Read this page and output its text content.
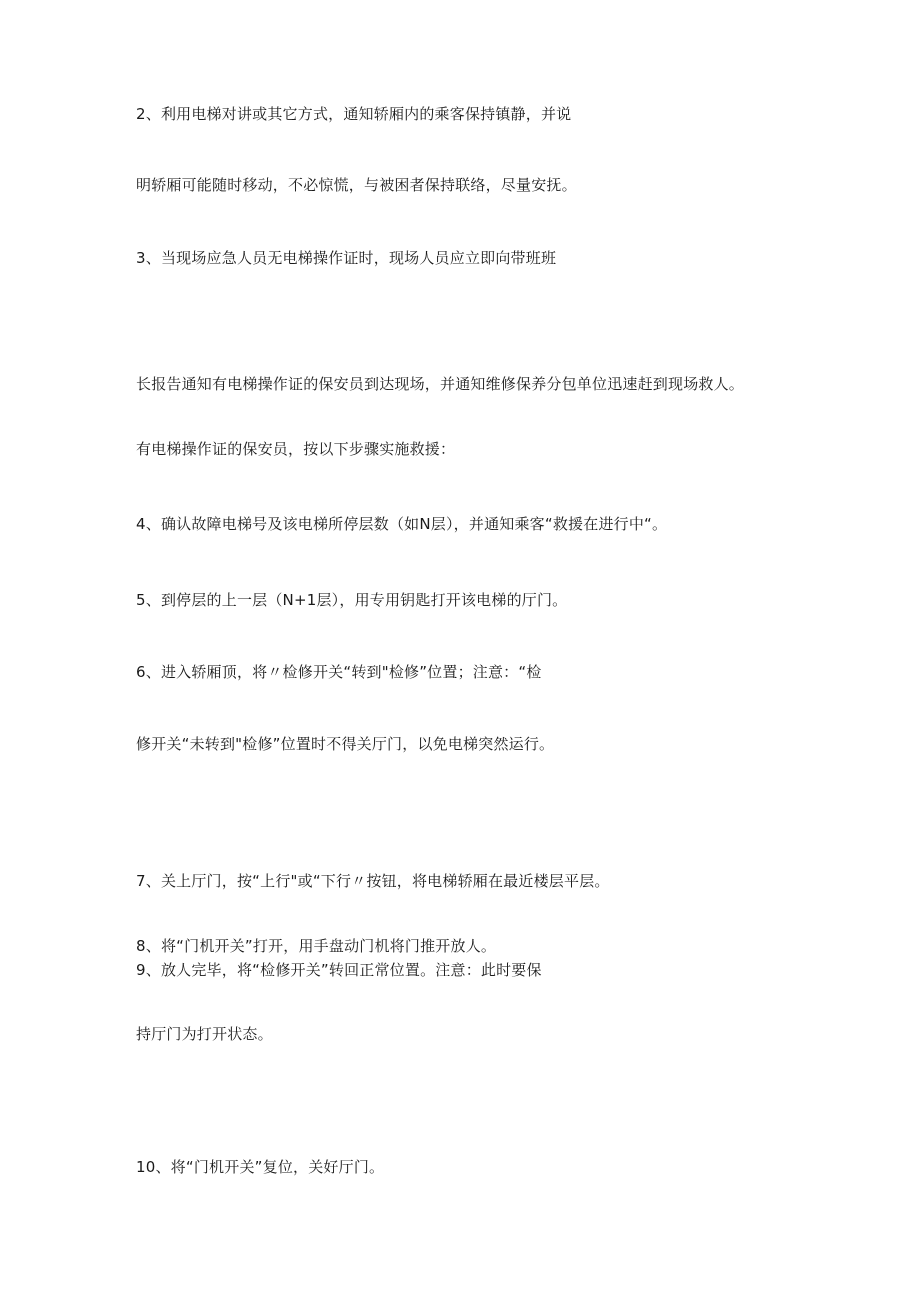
2、利用电梯对讲或其它方式，通知轿厢内的乘客保持镇静，并说
明轿厢可能随时移动，不必惊慌，与被困者保持联络，尽量安抚。
3、当现场应急人员无电梯操作证时，现场人员应立即向带班班
长报告通知有电梯操作证的保安员到达现场，并通知维修保养分包单位迅速赶到现场救人。
有电梯操作证的保安员，按以下步骤实施救援：
4、确认故障电梯号及该电梯所停层数（如N层），并通知乘客“救援在进行中“。
5、到停层的上一层（N+1层），用专用钥匙打开该电梯的厅门。
6、进入轿厢顶，将〃检修开关“转到"检修”位置；注意：“检
修开关“未转到"检修”位置时不得关厅门，以免电梯突然运行。
7、关上厅门，按“上行"或“下行〃按钮，将电梯轿厢在最近楼层平层。
8、将“门机开关”打开，用手盘动门机将门推开放人。
9、放人完毕，将“检修开关”转回正常位置。注意：此时要保
持厅门为打开状态。
10、将“门机开关”复位，关好厅门。
